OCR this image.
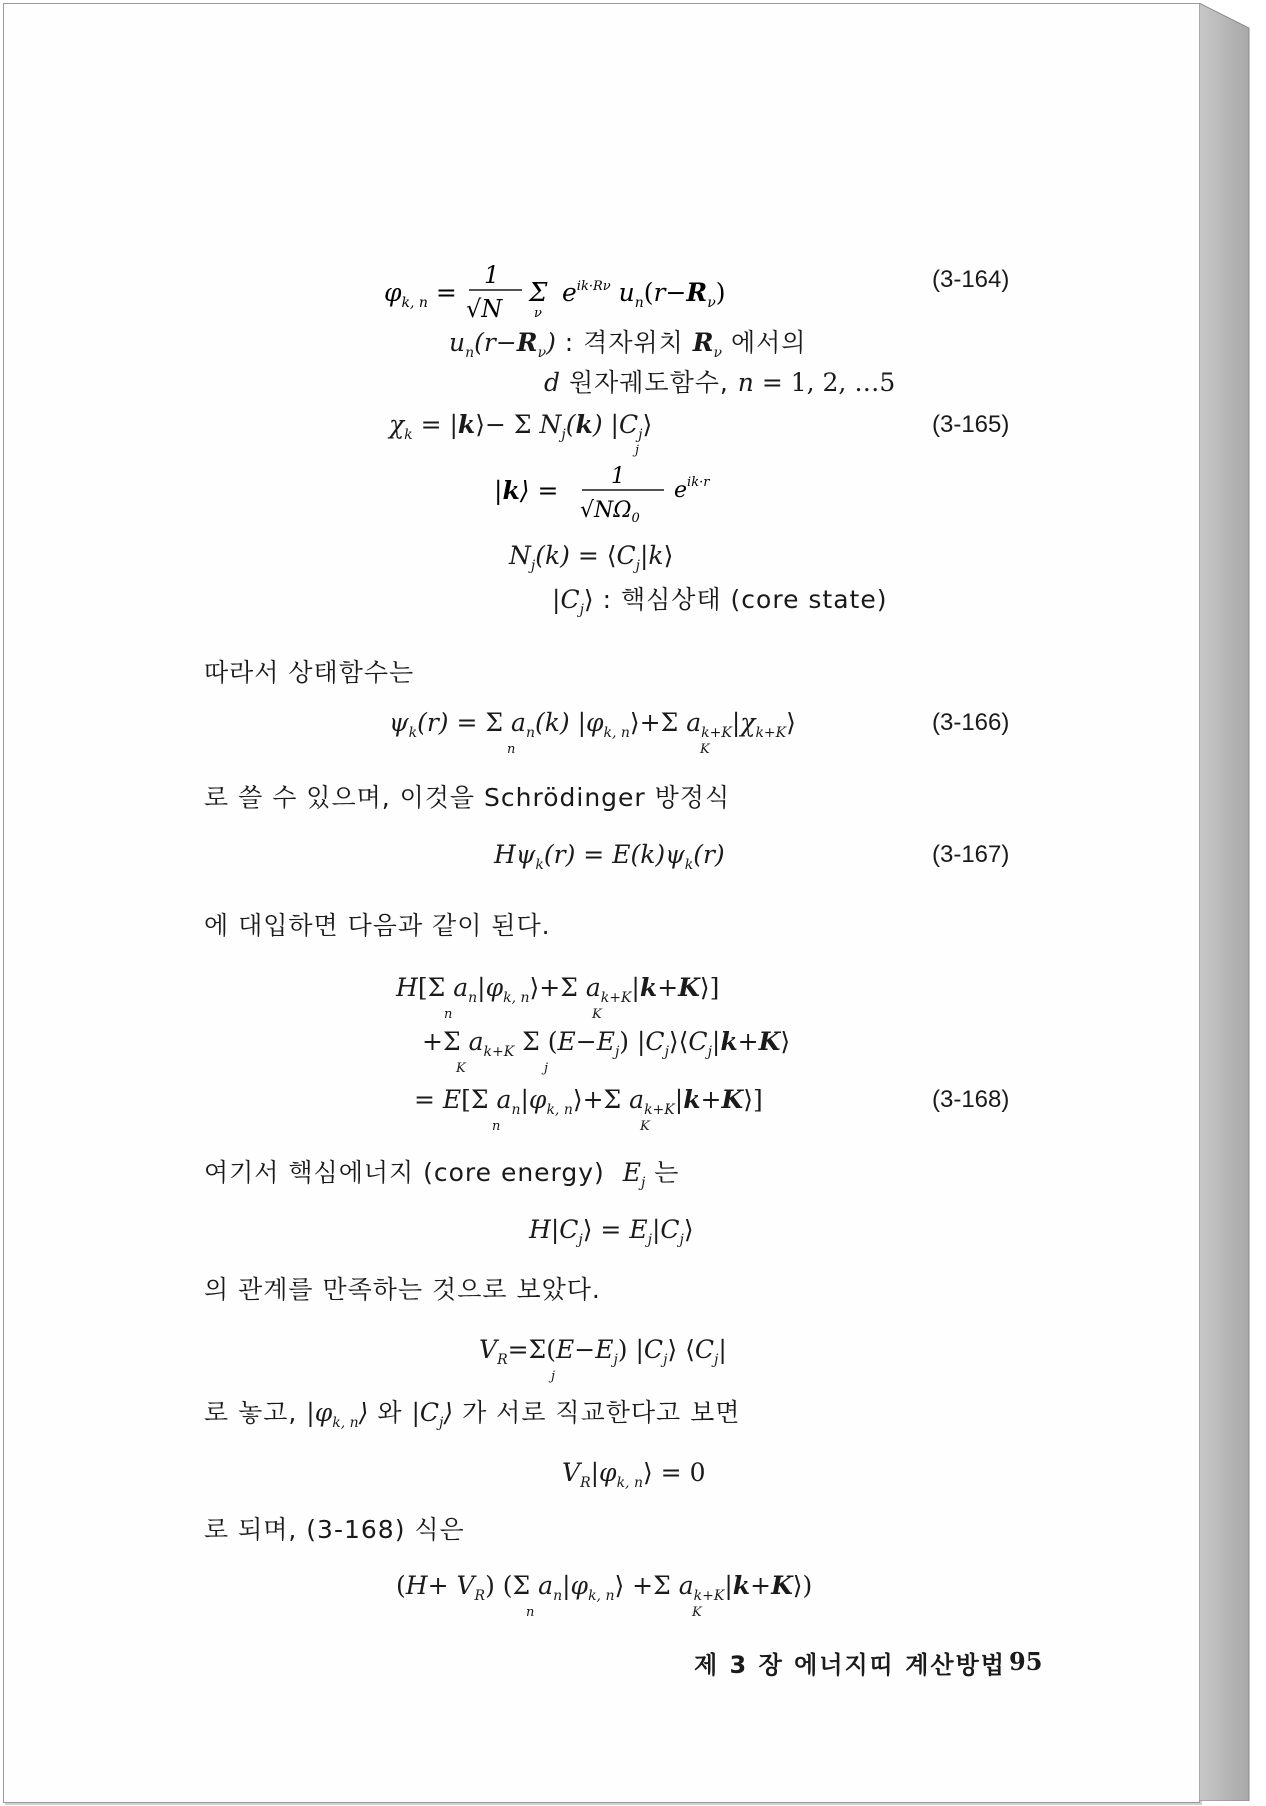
$\varphi_{k, n}$ =
1
√N
Σ
ν
$e^{ik\cdot R\nu}$ $u_n(r-R_\nu)$	(3-164)
$u_n(r-R_\nu)$ : 격자위치 $R_\nu$ 에서의
d 원자궤도함수, n = 1, 2, …5
$\chi_k$ = |k⟩− Σ $N_j(k)$ $|C_j⟩$
j
(3-165)
|k⟩ = 1
$√N\Omega_0$
$e^{ik\cdot r}$
$N_j(k)$ = $⟨C_j|k⟩$
$|C_j⟩$ : 핵심상태 (core state)
따라서 상태함수는
$\psi_k(r) = \Sigma$ $a_n(k)$ $|\varphi_{k, n}⟩+\Sigma$ $a_{k+K}|\chi_{k+K}⟩$
n	K
(3-166)
로 쓸 수 있으며, 이것을 Schrödinger 방정식
$H\psi_k(r) = E(k)\psi_k(r)$	(3-167)
에 대입하면 다음과 같이 된다.
H[Σ $a_n|\varphi_{k, n}⟩+\Sigma$ $a_{k+K}|k+K⟩$]
n	K
+Σ $a_{k+K}$ Σ $(E-E_j)$ $|C_j⟩⟨C_j|k+K⟩$
K	j
= E[Σ $a_n|\varphi_{k, n}⟩+\Sigma$ $a_{k+K}|k+K⟩$]
n	K
(3-168)
여기서 핵심에너지 (core energy)  $E_j$ 는
$H|C_j⟩$ = $E_j|C_j⟩$
의 관계를 만족하는 것으로 보았다.
$V_R=\Sigma(E-E_j)$ $|C_j⟩$ $⟨C_j|$
j
로 놓고, $|\varphi_{k, n}⟩$ 와 $|C_j⟩$ 가 서로 직교한다고 보면
$V_R|\varphi_{k, n}⟩ = 0$
로 되며, (3-168) 식은
$(H+ V_R)$ (Σ $a_n|\varphi_{k, n}⟩ +\Sigma$ $a_{k+K}|k+K⟩$)
n	K
제 3 장 에너지띠 계산방법 95
